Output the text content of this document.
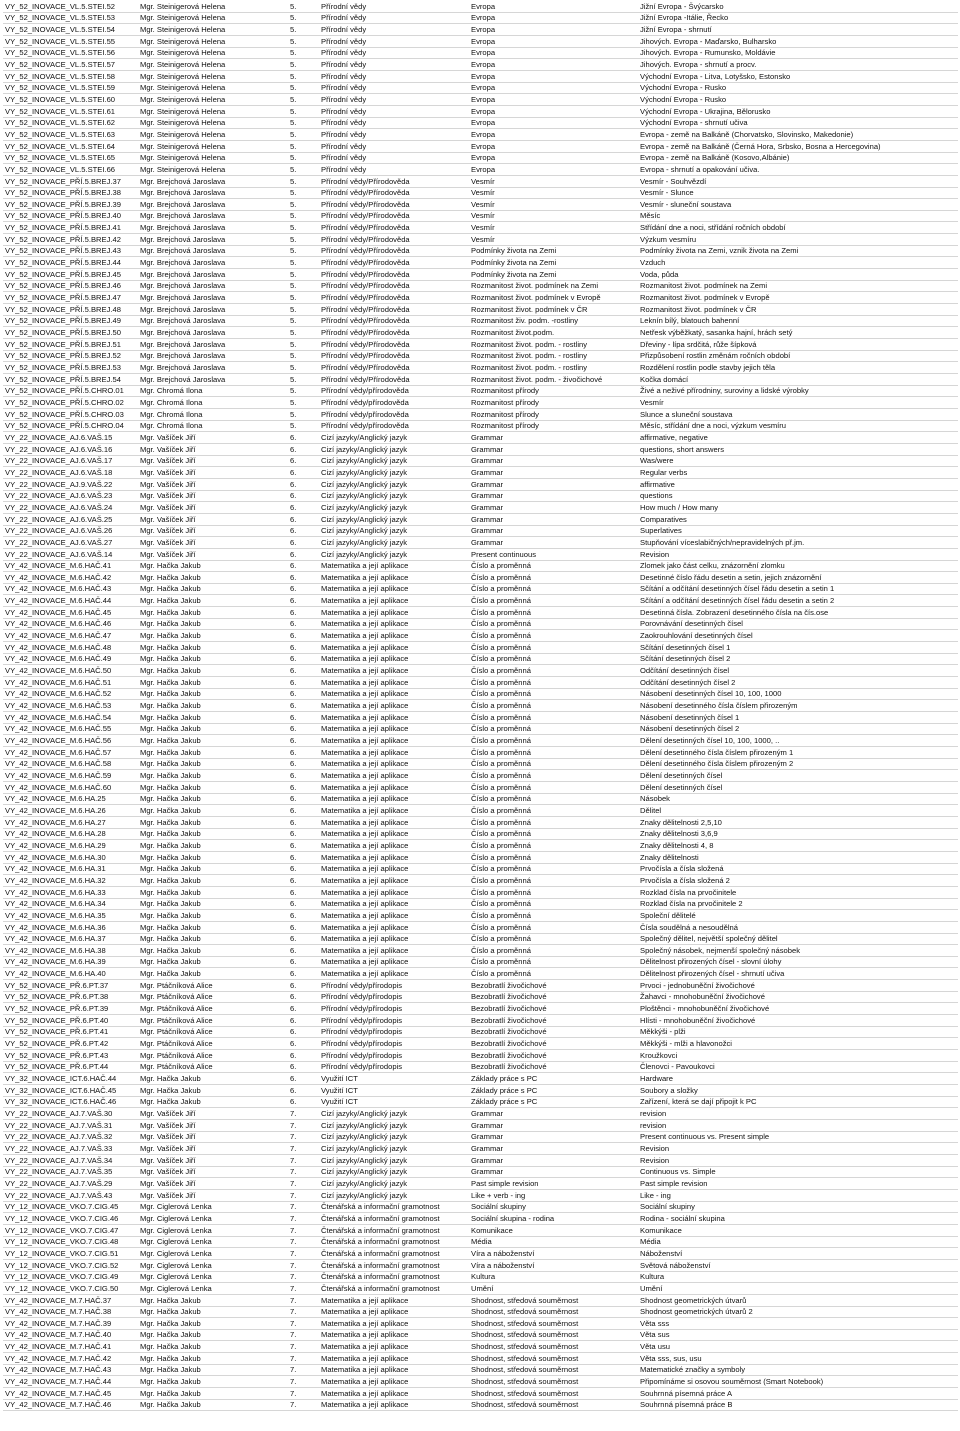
VY_52_INOVACE_VL.5.STEI.52	Mgr. Steinigerová Helena	5.	Přírodní vědy	Evropa	Jižní Evropa - Švýcarsko
VY_52_INOVACE_VL.5.STEI.53	Mgr. Steinigerová Helena	5.	Přírodní vědy	Evropa	Jižní Evropa -Itálie, Řecko
VY_52_INOVACE_VL.5.STEI.54	Mgr. Steinigerová Helena	5.	Přírodní vědy	Evropa	Jižní Evropa - shrnutí
VY_52_INOVACE_VL.5.STEI.55	Mgr. Steinigerová Helena	5.	Přírodní vědy	Evropa	Jihových. Evropa - Maďarsko, Bulharsko
VY_52_INOVACE_VL.5.STEI.56	Mgr. Steinigerová Helena	5.	Přírodní vědy	Evropa	Jihových. Evropa - Rumunsko, Moldávie
VY_52_INOVACE_VL.5.STEI.57	Mgr. Steinigerová Helena	5.	Přírodní vědy	Evropa	Jihových. Evropa - shrnutí a procv.
VY_52_INOVACE_VL.5.STEI.58	Mgr. Steinigerová Helena	5.	Přírodní vědy	Evropa	Východní Evropa - Litva, Lotyšsko, Estonsko
VY_52_INOVACE_VL.5.STEI.59	Mgr. Steinigerová Helena	5.	Přírodní vědy	Evropa	Východní Evropa - Rusko
VY_52_INOVACE_VL.5.STEI.60	Mgr. Steinigerová Helena	5.	Přírodní vědy	Evropa	Východní Evropa - Rusko
VY_52_INOVACE_VL.5.STEI.61	Mgr. Steinigerová Helena	5.	Přírodní vědy	Evropa	Východní Evropa - Ukrajina, Bělorusko
VY_52_INOVACE_VL.5.STEI.62	Mgr. Steinigerová Helena	5.	Přírodní vědy	Evropa	Východní Evropa - shrnutí učiva
VY_52_INOVACE_VL.5.STEI.63	Mgr. Steinigerová Helena	5.	Přírodní vědy	Evropa	Evropa - země na Balkáně (Chorvatsko, Slovinsko, Makedonie)
VY_52_INOVACE_VL.5.STEI.64	Mgr. Steinigerová Helena	5.	Přírodní vědy	Evropa	Evropa - země na Balkáně (Černá Hora, Srbsko, Bosna a Hercegovina)
VY_52_INOVACE_VL.5.STEI.65	Mgr. Steinigerová Helena	5.	Přírodní vědy	Evropa	Evropa - země na Balkáně (Kosovo,Albánie)
VY_52_INOVACE_VL.5.STEI.66	Mgr. Steinigerová Helena	5.	Přírodní vědy	Evropa	Evropa - shrnutí a opakování učiva.
VY_52_INOVACE_PŘÍ.5.BREJ.37	Mgr. Brejchová Jaroslava	5.	Přírodní vědy/Přírodověda	Vesmír	Vesmír - Souhvězdí
VY_52_INOVACE_PŘÍ.5.BREJ.38	Mgr. Brejchová Jaroslava	5.	Přírodní vědy/Přírodověda	Vesmír	Vesmír - Slunce
VY_52_INOVACE_PŘÍ.5.BREJ.39	Mgr. Brejchová Jaroslava	5.	Přírodní vědy/Přírodověda	Vesmír	Vesmír - sluneční soustava
VY_52_INOVACE_PŘÍ.5.BREJ.40	Mgr. Brejchová Jaroslava	5.	Přírodní vědy/Přírodověda	Vesmír	Měsíc
VY_52_INOVACE_PŘÍ.5.BREJ.41	Mgr. Brejchová Jaroslava	5.	Přírodní vědy/Přírodověda	Vesmír	Střídání dne a noci, střídání ročních období
VY_52_INOVACE_PŘÍ.5.BREJ.42	Mgr. Brejchová Jaroslava	5.	Přírodní vědy/Přírodověda	Vesmír	Výzkum vesmíru
VY_52_INOVACE_PŘÍ.5.BREJ.43	Mgr. Brejchová Jaroslava	5.	Přírodní vědy/Přírodověda	Podmínky života na Zemi	Podmínky života na Zemi, vznik života na Zemi
VY_52_INOVACE_PŘÍ.5.BREJ.44	Mgr. Brejchová Jaroslava	5.	Přírodní vědy/Přírodověda	Podmínky života na Zemi	Vzduch
VY_52_INOVACE_PŘÍ.5.BREJ.45	Mgr. Brejchová Jaroslava	5.	Přírodní vědy/Přírodověda	Podmínky života na Zemi	Voda, půda
VY_52_INOVACE_PŘÍ.5.BREJ.46	Mgr. Brejchová Jaroslava	5.	Přírodní vědy/Přírodověda	Rozmanitost život. podmínek na Zemi	Rozmanitost život. podmínek na Zemi
VY_52_INOVACE_PŘÍ.5.BREJ.47	Mgr. Brejchová Jaroslava	5.	Přírodní vědy/Přírodověda	Rozmanitost život. podmínek v Evropě	Rozmanitost život. podmínek v Evropě
VY_52_INOVACE_PŘÍ.5.BREJ.48	Mgr. Brejchová Jaroslava	5.	Přírodní vědy/Přírodověda	Rozmanitost život. podmínek v ČR	Rozmanitost život. podmínek v ČR
VY_52_INOVACE_PŘÍ.5.BREJ.49	Mgr. Brejchová Jaroslava	5.	Přírodní vědy/Přírodověda	Rozmanitost živ. podm. -rostliny	Leknín bílý, blatouch bahenní
VY_52_INOVACE_PŘÍ.5.BREJ.50	Mgr. Brejchová Jaroslava	5.	Přírodní vědy/Přírodověda	Rozmanitost život.podm.	Netřesk výběžkatý, sasanka hajní, hrách setý
VY_52_INOVACE_PŘÍ.5.BREJ.51	Mgr. Brejchová Jaroslava	5.	Přírodní vědy/Přírodověda	Rozmanitost život. podm. - rostliny	Dřeviny - lípa srdčitá, růže šípková
VY_52_INOVACE_PŘÍ.5.BREJ.52	Mgr. Brejchová Jaroslava	5.	Přírodní vědy/Přírodověda	Rozmanitost život. podm. - rostliny	Přizpůsobení rostlin změnám ročních období
VY_52_INOVACE_PŘÍ.5.BREJ.53	Mgr. Brejchová Jaroslava	5.	Přírodní vědy/Přírodověda	Rozmanitost život. podm. - rostliny	Rozdělení rostlin podle stavby jejich těla
VY_52_INOVACE_PŘÍ.5.BREJ.54	Mgr. Brejchová Jaroslava	5.	Přírodní vědy/Přírodověda	Rozmanitost život. podm. - živočichové	Kočka domácí
VY_52_INOVACE_PŘÍ.5.CHRO.01	Mgr. Chromá Ilona	5.	Přírodní vědy/přírodověda	Rozmanitost přírody	Živé a neživé přírodniny, suroviny a lidské výrobky
VY_52_INOVACE_PŘÍ.5.CHRO.02	Mgr. Chromá Ilona	5.	Přírodní vědy/přírodověda	Rozmanitost přírody	Vesmír
VY_52_INOVACE_PŘÍ.5.CHRO.03	Mgr. Chromá Ilona	5.	Přírodní vědy/přírodověda	Rozmanitost přírody	Slunce a sluneční soustava
VY_52_INOVACE_PŘÍ.5.CHRO.04	Mgr. Chromá Ilona	5.	Přírodní vědy/přírodověda	Rozmanitost přírody	Měsíc, střídání dne a noci, výzkum vesmíru
VY_22_INOVACE_AJ.6.VAŠ.15	Mgr. Vašíček Jiří	6.	Cizí jazyky/Anglický jazyk	Grammar	affirmative, negative
VY_22_INOVACE_AJ.6.VAŠ.16	Mgr. Vašíček Jiří	6.	Cizí jazyky/Anglický jazyk	Grammar	questions, short answers
VY_22_INOVACE_AJ.6.VAŠ.17	Mgr. Vašíček Jiří	6.	Cizí jazyky/Anglický jazyk	Grammar	Was/were
VY_22_INOVACE_AJ.6.VAŠ.18	Mgr. Vašíček Jiří	6.	Cizí jazyky/Anglický jazyk	Grammar	Regular verbs
VY_22_INOVACE_AJ.9.VAŠ.22	Mgr. Vašíček Jiří	6.	Cizí jazyky/Anglický jazyk	Grammar	affirmative
VY_22_INOVACE_AJ.6.VAŠ.23	Mgr. Vašíček Jiří	6.	Cizí jazyky/Anglický jazyk	Grammar	questions
VY_22_INOVACE_AJ.6.VAŠ.24	Mgr. Vašíček Jiří	6.	Cizí jazyky/Anglický jazyk	Grammar	How much / How many
VY_22_INOVACE_AJ.6.VAŠ.25	Mgr. Vašíček Jiří	6.	Cizí jazyky/Anglický jazyk	Grammar	Comparatives
VY_22_INOVACE_AJ.6.VAŠ.26	Mgr. Vašíček Jiří	6.	Cizí jazyky/Anglický jazyk	Grammar	Superlatives
VY_22_INOVACE_AJ.6.VAŠ.27	Mgr. Vašíček Jiří	6.	Cizí jazyky/Anglický jazyk	Grammar	Stupňování víceslabičných/nepravidelných př.jm.
VY_22_INOVACE_AJ.6.VAŠ.14	Mgr. Vašíček Jiří	6.	Cizí jazyky/Anglický jazyk	Present continuous	Revision
VY_42_INOVACE_M.6.HAČ.41	Mgr. Hačka Jakub	6.	Matematika a její aplikace	Číslo a proměnná	Zlomek jako část celku, znázornění zlomku
VY_42_INOVACE_M.6.HAČ.42	Mgr. Hačka Jakub	6.	Matematika a její aplikace	Číslo a proměnná	Desetinné číslo řádu desetin a setin, jejich znázornění
VY_42_INOVACE_M.6.HAČ.43	Mgr. Hačka Jakub	6.	Matematika a její aplikace	Číslo a proměnná	Sčítání a odčítání desetinných čísel řádu desetin a setin 1
VY_42_INOVACE_M.6.HAČ.44	Mgr. Hačka Jakub	6.	Matematika a její aplikace	Číslo a proměnná	Sčítání a odčítání desetinných čísel řádu desetin a setin 2
VY_42_INOVACE_M.6.HAČ.45	Mgr. Hačka Jakub	6.	Matematika a její aplikace	Číslo a proměnná	Desetinná čísla. Zobrazení desetinného čísla na čís.ose
VY_42_INOVACE_M.6.HAČ.46	Mgr. Hačka Jakub	6.	Matematika a její aplikace	Číslo a proměnná	Porovnávání desetinných čísel
VY_42_INOVACE_M.6.HAČ.47	Mgr. Hačka Jakub	6.	Matematika a její aplikace	Číslo a proměnná	Zaokrouhlování desetinných čísel
VY_42_INOVACE_M.6.HAČ.48	Mgr. Hačka Jakub	6.	Matematika a její aplikace	Číslo a proměnná	Sčítání desetinných čísel 1
VY_42_INOVACE_M.6.HAČ.49	Mgr. Hačka Jakub	6.	Matematika a její aplikace	Číslo a proměnná	Sčítání desetinných čísel 2
VY_42_INOVACE_M.6.HAČ.50	Mgr. Hačka Jakub	6.	Matematika a její aplikace	Číslo a proměnná	Odčítání desetinných čísel
VY_42_INOVACE_M.6.HAČ.51	Mgr. Hačka Jakub	6.	Matematika a její aplikace	Číslo a proměnná	Odčítání desetinných čísel 2
VY_42_INOVACE_M.6.HAČ.52	Mgr. Hačka Jakub	6.	Matematika a její aplikace	Číslo a proměnná	Násobení desetinných čísel 10, 100, 1000
VY_42_INOVACE_M.6.HAČ.53	Mgr. Hačka Jakub	6.	Matematika a její aplikace	Číslo a proměnná	Násobení desetinného čísla číslem přirozeným
VY_42_INOVACE_M.6.HAČ.54	Mgr. Hačka Jakub	6.	Matematika a její aplikace	Číslo a proměnná	Násobení desetinných čísel 1
VY_42_INOVACE_M.6.HAČ.55	Mgr. Hačka Jakub	6.	Matematika a její aplikace	Číslo a proměnná	Násobení desetinných čísel 2
VY_42_INOVACE_M.6.HAČ.56	Mgr. Hačka Jakub	6.	Matematika a její aplikace	Číslo a proměnná	Dělení desetinných čísel 10, 100, 1000, ..
VY_42_INOVACE_M.6.HAČ.57	Mgr. Hačka Jakub	6.	Matematika a její aplikace	Číslo a proměnná	Dělení desetinného čísla číslem přirozeným 1
VY_42_INOVACE_M.6.HAČ.58	Mgr. Hačka Jakub	6.	Matematika a její aplikace	Číslo a proměnná	Dělení desetinného čísla číslem přirozeným 2
VY_42_INOVACE_M.6.HAČ.59	Mgr. Hačka Jakub	6.	Matematika a její aplikace	Číslo a proměnná	Dělení desetinných čísel
VY_42_INOVACE_M.6.HAČ.60	Mgr. Hačka Jakub	6.	Matematika a její aplikace	Číslo a proměnná	Dělení desetinných čísel
VY_42_INOVACE_M.6.HA.25	Mgr. Hačka Jakub	6.	Matematika a její aplikace	Číslo a proměnná	Násobek
VY_42_INOVACE_M.6.HA.26	Mgr. Hačka Jakub	6.	Matematika a její aplikace	Číslo a proměnná	Dělitel
VY_42_INOVACE_M.6.HA.27	Mgr. Hačka Jakub	6.	Matematika a její aplikace	Číslo a proměnná	Znaky dělitelnosti 2,5,10
VY_42_INOVACE_M.6.HA.28	Mgr. Hačka Jakub	6.	Matematika a její aplikace	Číslo a proměnná	Znaky dělitelnosti 3,6,9
VY_42_INOVACE_M.6.HA.29	Mgr. Hačka Jakub	6.	Matematika a její aplikace	Číslo a proměnná	Znaky dělitelnosti 4, 8
VY_42_INOVACE_M.6.HA.30	Mgr. Hačka Jakub	6.	Matematika a její aplikace	Číslo a proměnná	Znaky dělitelnosti
VY_42_INOVACE_M.6.HA.31	Mgr. Hačka Jakub	6.	Matematika a její aplikace	Číslo a proměnná	Prvočísla a čísla složená
VY_42_INOVACE_M.6.HA.32	Mgr. Hačka Jakub	6.	Matematika a její aplikace	Číslo a proměnná	Prvočísla a čísla složená 2
VY_42_INOVACE_M.6.HA.33	Mgr. Hačka Jakub	6.	Matematika a její aplikace	Číslo a proměnná	Rozklad čísla na prvočinitele
VY_42_INOVACE_M.6.HA.34	Mgr. Hačka Jakub	6.	Matematika a její aplikace	Číslo a proměnná	Rozklad čísla na prvočinitele 2
VY_42_INOVACE_M.6.HA.35	Mgr. Hačka Jakub	6.	Matematika a její aplikace	Číslo a proměnná	Společní dělitelé
VY_42_INOVACE_M.6.HA.36	Mgr. Hačka Jakub	6.	Matematika a její aplikace	Číslo a proměnná	Čísla soudělná a nesoudělná
VY_42_INOVACE_M.6.HA.37	Mgr. Hačka Jakub	6.	Matematika a její aplikace	Číslo a proměnná	Společný dělitel, největší společný dělitel
VY_42_INOVACE_M.6.HA.38	Mgr. Hačka Jakub	6.	Matematika a její aplikace	Číslo a proměnná	Společný násobek, nejmenší společný násobek
VY_42_INOVACE_M.6.HA.39	Mgr. Hačka Jakub	6.	Matematika a její aplikace	Číslo a proměnná	Dělitelnost přirozených čísel - slovní úlohy
VY_42_INOVACE_M.6.HA.40	Mgr. Hačka Jakub	6.	Matematika a její aplikace	Číslo a proměnná	Dělitelnost přirozených čísel - shrnutí učiva
VY_52_INOVACE_PŘ.6.PT.37	Mgr. Ptáčníková Alice	6.	Přírodní vědy/přírodopis	Bezobratlí živočichové	Prvoci - jednobuněční živočichové
VY_52_INOVACE_PŘ.6.PT.38	Mgr. Ptáčníková Alice	6.	Přírodní vědy/přírodopis	Bezobratlí živočichové	Žahavci - mnohobuněční živočichové
VY_52_INOVACE_PŘ.6.PT.39	Mgr. Ptáčníková Alice	6.	Přírodní vědy/přírodopis	Bezobratlí živočichové	Ploštěnci - mnohobuněční živočichové
VY_52_INOVACE_PŘ.6.PT.40	Mgr. Ptáčníková Alice	6.	Přírodní vědy/přírodopis	Bezobratlí živočichové	Hlísti - mnohobuněční živočichové
VY_52_INOVACE_PŘ.6.PT.41	Mgr. Ptáčníková Alice	6.	Přírodní vědy/přírodopis	Bezobratlí živočichové	Měkkýši - plži
VY_52_INOVACE_PŘ.6.PT.42	Mgr. Ptáčníková Alice	6.	Přírodní vědy/přírodopis	Bezobratlí živočichové	Měkkýši - mlži a hlavonožci
VY_52_INOVACE_PŘ.6.PT.43	Mgr. Ptáčníková Alice	6.	Přírodní vědy/přírodopis	Bezobratlí živočichové	Kroužkovci
VY_52_INOVACE_PŘ.6.PT.44	Mgr. Ptáčníková Alice	6.	Přírodní vědy/přírodopis	Bezobratlí živočichové	Členovci - Pavoukovci
VY_32_INOVACE_ICT.6.HAČ.44	Mgr. Hačka Jakub	6.	Využití ICT	Základy práce s PC	Hardware
VY_32_INOVACE_ICT.6.HAČ.45	Mgr. Hačka Jakub	6.	Využití ICT	Základy práce s PC	Soubory a složky
VY_32_INOVACE_ICT.6.HAČ.46	Mgr. Hačka Jakub	6.	Využití ICT	Základy práce s PC	Zařízení, která se dají připojit k PC
VY_22_INOVACE_AJ.7.VAŠ.30	Mgr. Vašíček Jiří	7.	Cizí jazyky/Anglický jazyk	Grammar	revision
VY_22_INOVACE_AJ.7.VAŠ.31	Mgr. Vašíček Jiří	7.	Cizí jazyky/Anglický jazyk	Grammar	revision
VY_22_INOVACE_AJ.7.VAŠ.32	Mgr. Vašíček Jiří	7.	Cizí jazyky/Anglický jazyk	Grammar	Present continuous vs. Present simple
VY_22_INOVACE_AJ.7.VAŠ.33	Mgr. Vašíček Jiří	7.	Cizí jazyky/Anglický jazyk	Grammar	Revision
VY_22_INOVACE_AJ.7.VAŠ.34	Mgr. Vašíček Jiří	7.	Cizí jazyky/Anglický jazyk	Grammar	Revision
VY_22_INOVACE_AJ.7.VAŠ.35	Mgr. Vašíček Jiří	7.	Cizí jazyky/Anglický jazyk	Grammar	Continuous vs. Simple
VY_22_INOVACE_AJ.7.VAŠ.29	Mgr. Vašíček Jiří	7.	Cizí jazyky/Anglický jazyk	Past simple revision	Past simple revision
VY_22_INOVACE_AJ.7.VAŠ.43	Mgr. Vašíček Jiří	7.	Cizí jazyky/Anglický jazyk	Like + verb - ing	Like - ing
VY_12_INOVACE_VKO.7.CIG.45	Mgr. Ciglerová Lenka	7.	Čtenářská a informační gramotnost	Sociální skupiny	Sociální skupiny
VY_12_INOVACE_VKO.7.CIG.46	Mgr. Ciglerová Lenka	7.	Čtenářská a informační gramotnost	Sociální skupina - rodina	Rodina - sociální skupina
VY_12_INOVACE_VKO.7.CIG.47	Mgr. Ciglerová Lenka	7.	Čtenářská a informační gramotnost	Komunikace	Komunikace
VY_12_INOVACE_VKO.7.CIG.48	Mgr. Ciglerová Lenka	7.	Čtenářská a informační gramotnost	Média	Média
VY_12_INOVACE_VKO.7.CIG.51	Mgr. Ciglerová Lenka	7.	Čtenářská a informační gramotnost	Víra a náboženství	Náboženství
VY_12_INOVACE_VKO.7.CIG.52	Mgr. Ciglerová Lenka	7.	Čtenářská a informační gramotnost	Víra a náboženství	Světová náboženství
VY_12_INOVACE_VKO.7.CIG.49	Mgr. Ciglerová Lenka	7.	Čtenářská a informační gramotnost	Kultura	Kultura
VY_12_INOVACE_VKO.7.CIG.50	Mgr. Ciglerová Lenka	7.	Čtenářská a informační gramotnost	Umění	Umění
VY_42_INOVACE_M.7.HAČ.37	Mgr. Hačka Jakub	7.	Matematika a její aplikace	Shodnost, středová souměrnost	Shodnost geometrických útvarů
VY_42_INOVACE_M.7.HAČ.38	Mgr. Hačka Jakub	7.	Matematika a její aplikace	Shodnost, středová souměrnost	Shodnost geometrických útvarů 2
VY_42_INOVACE_M.7.HAČ.39	Mgr. Hačka Jakub	7.	Matematika a její aplikace	Shodnost, středová souměrnost	Věta sss
VY_42_INOVACE_M.7.HAČ.40	Mgr. Hačka Jakub	7.	Matematika a její aplikace	Shodnost, středová souměrnost	Věta sus
VY_42_INOVACE_M.7.HAČ.41	Mgr. Hačka Jakub	7.	Matematika a její aplikace	Shodnost, středová souměrnost	Věta usu
VY_42_INOVACE_M.7.HAČ.42	Mgr. Hačka Jakub	7.	Matematika a její aplikace	Shodnost, středová souměrnost	Věta sss, sus, usu
VY_42_INOVACE_M.7.HAČ.43	Mgr. Hačka Jakub	7.	Matematika a její aplikace	Shodnost, středová souměrnost	Matematické značky a symboly
VY_42_INOVACE_M.7.HAČ.44	Mgr. Hačka Jakub	7.	Matematika a její aplikace	Shodnost, středová souměrnost	Připomínáme si osovou souměrnost (Smart Notebook)
VY_42_INOVACE_M.7.HAČ.45	Mgr. Hačka Jakub	7.	Matematika a její aplikace	Shodnost, středová souměrnost	Souhrnná písemná práce A
VY_42_INOVACE_M.7.HAČ.46	Mgr. Hačka Jakub	7.	Matematika a její aplikace	Shodnost, středová souměrnost	Souhrnná písemná práce B
